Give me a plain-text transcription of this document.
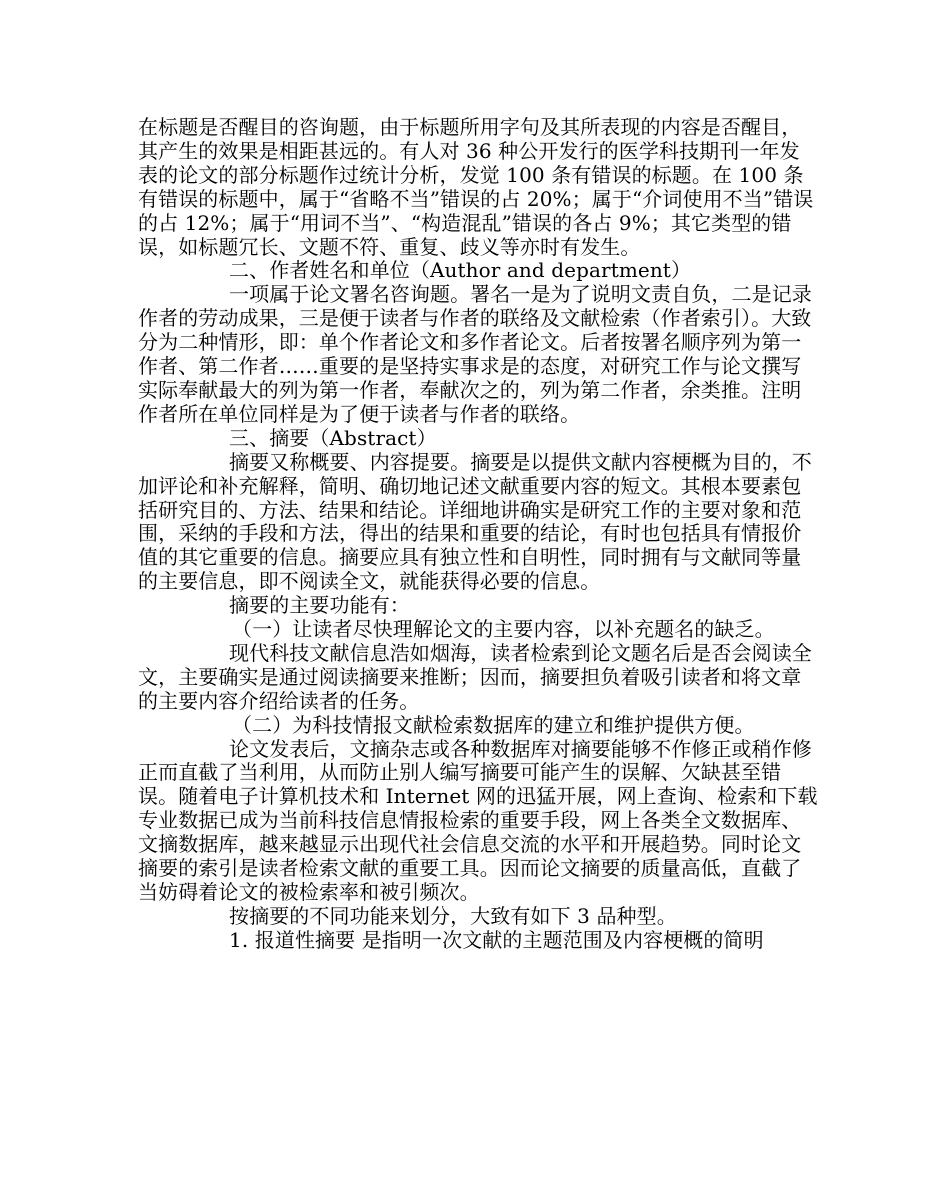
在标题是否醒目的咨询题，由于标题所用字句及其所表现的内容是否醒目，其产生的效果是相距甚远的。有人对 36 种公开发行的医学科技期刊一年发表的论文的部分标题作过统计分析，发觉 100 条有错误的标题。在 100 条有错误的标题中，属于“省略不当”错误的占 20%；属于“介词使用不当”错误的占 12%；属于“用词不当”、“构造混乱”错误的各占 9%；其它类型的错误，如标题冗长、文题不符、重复、歧义等亦时有发生。

二、作者姓名和单位（Author and department）

一项属于论文署名咨询题。署名一是为了说明文责自负，二是记录作者的劳动成果，三是便于读者与作者的联络及文献检索（作者索引）。大致分为二种情形，即：单个作者论文和多作者论文。后者按署名顺序列为第一作者、第二作者……重要的是坚持实事求是的态度，对研究工作与论文撰写实际奉献最大的列为第一作者，奉献次之的，列为第二作者，余类推。注明作者所在单位同样是为了便于读者与作者的联络。

三、摘要（Abstract）

摘要又称概要、内容提要。摘要是以提供文献内容梗概为目的，不加评论和补充解释，简明、确切地记述文献重要内容的短文。其根本要素包括研究目的、方法、结果和结论。详细地讲确实是研究工作的主要对象和范围，采纳的手段和方法，得出的结果和重要的结论，有时也包括具有情报价值的其它重要的信息。摘要应具有独立性和自明性，同时拥有与文献同等量的主要信息，即不阅读全文，就能获得必要的信息。

摘要的主要功能有：

（一）让读者尽快理解论文的主要内容，以补充题名的缺乏。

现代科技文献信息浩如烟海，读者检索到论文题名后是否会阅读全文，主要确实是通过阅读摘要来推断；因而，摘要担负着吸引读者和将文章的主要内容介绍给读者的任务。

（二）为科技情报文献检索数据库的建立和维护提供方便。

论文发表后，文摘杂志或各种数据库对摘要能够不作修正或稍作修正而直截了当利用，从而防止别人编写摘要可能产生的误解、欠缺甚至错误。随着电子计算机技术和 Internet 网的迅猛开展，网上查询、检索和下载专业数据已成为当前科技信息情报检索的重要手段，网上各类全文数据库、文摘数据库，越来越显示出现代社会信息交流的水平和开展趋势。同时论文摘要的索引是读者检索文献的重要工具。因而论文摘要的质量高低，直截了当妨碍着论文的被检索率和被引频次。

按摘要的不同功能来划分，大致有如下 3 品种型。

1. 报道性摘要 是指明一次文献的主题范围及内容梗概的简明
